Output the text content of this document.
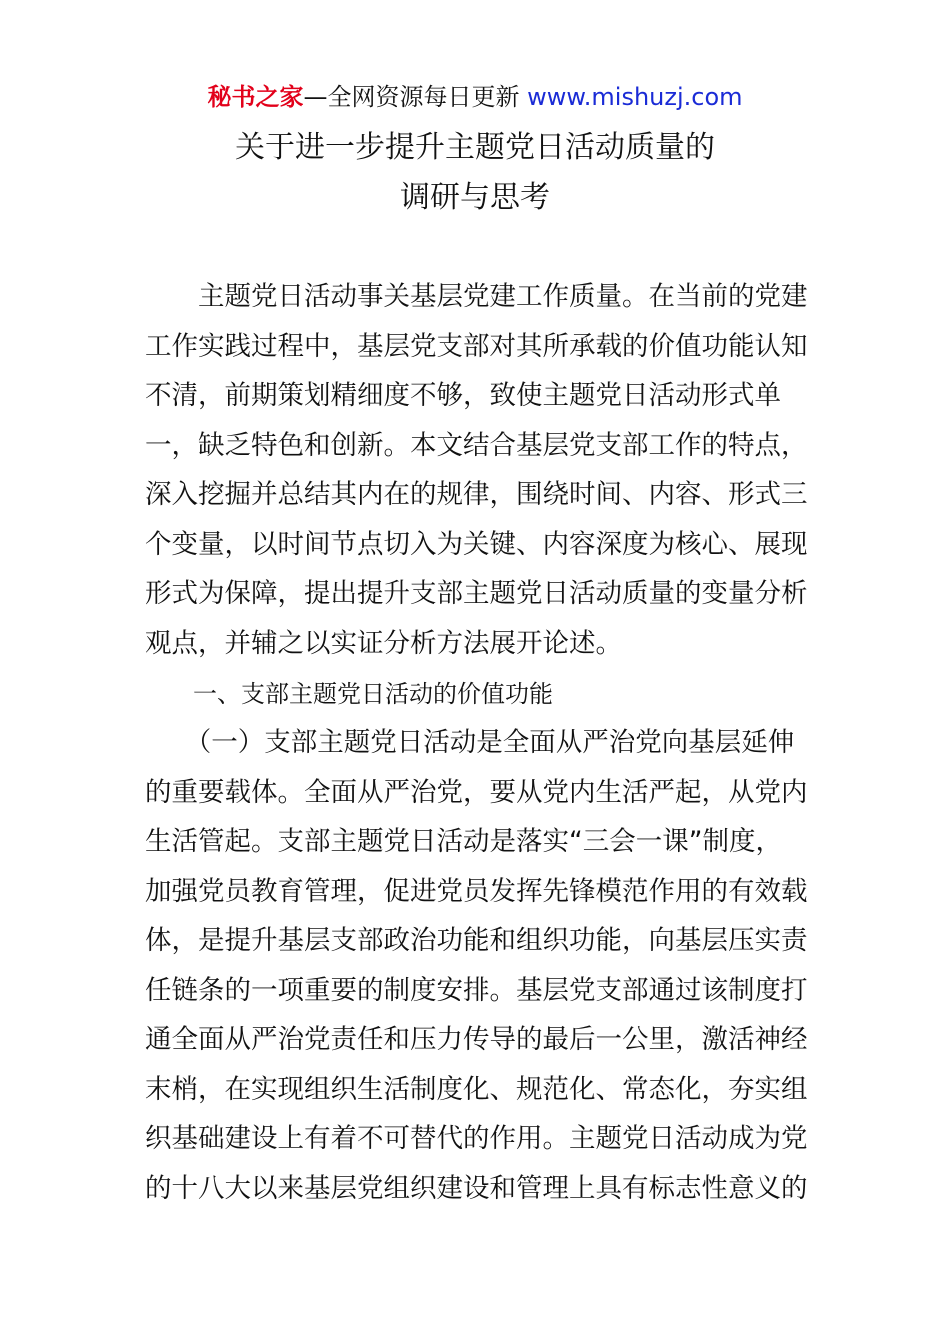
秘书之家—全网资源每日更新 www.mishuzj.com
关于进一步提升主题党日活动质量的
调研与思考
　　主题党日活动事关基层党建工作质量。在当前的党建
工作实践过程中，基层党支部对其所承载的价值功能认知
不清，前期策划精细度不够，致使主题党日活动形式单
一，缺乏特色和创新。本文结合基层党支部工作的特点，
深入挖掘并总结其内在的规律，围绕时间、内容、形式三
个变量，以时间节点切入为关键、内容深度为核心、展现
形式为保障，提出提升支部主题党日活动质量的变量分析
观点，并辅之以实证分析方法展开论述。
　　一、支部主题党日活动的价值功能
　　（一）支部主题党日活动是全面从严治党向基层延伸
的重要载体。全面从严治党，要从党内生活严起，从党内
生活管起。支部主题党日活动是落实“三会一课”制度，
加强党员教育管理，促进党员发挥先锋模范作用的有效载
体，是提升基层支部政治功能和组织功能，向基层压实责
任链条的一项重要的制度安排。基层党支部通过该制度打
通全面从严治党责任和压力传导的最后一公里，激活神经
末梢，在实现组织生活制度化、规范化、常态化，夯实组
织基础建设上有着不可替代的作用。主题党日活动成为党
的十八大以来基层党组织建设和管理上具有标志性意义的
